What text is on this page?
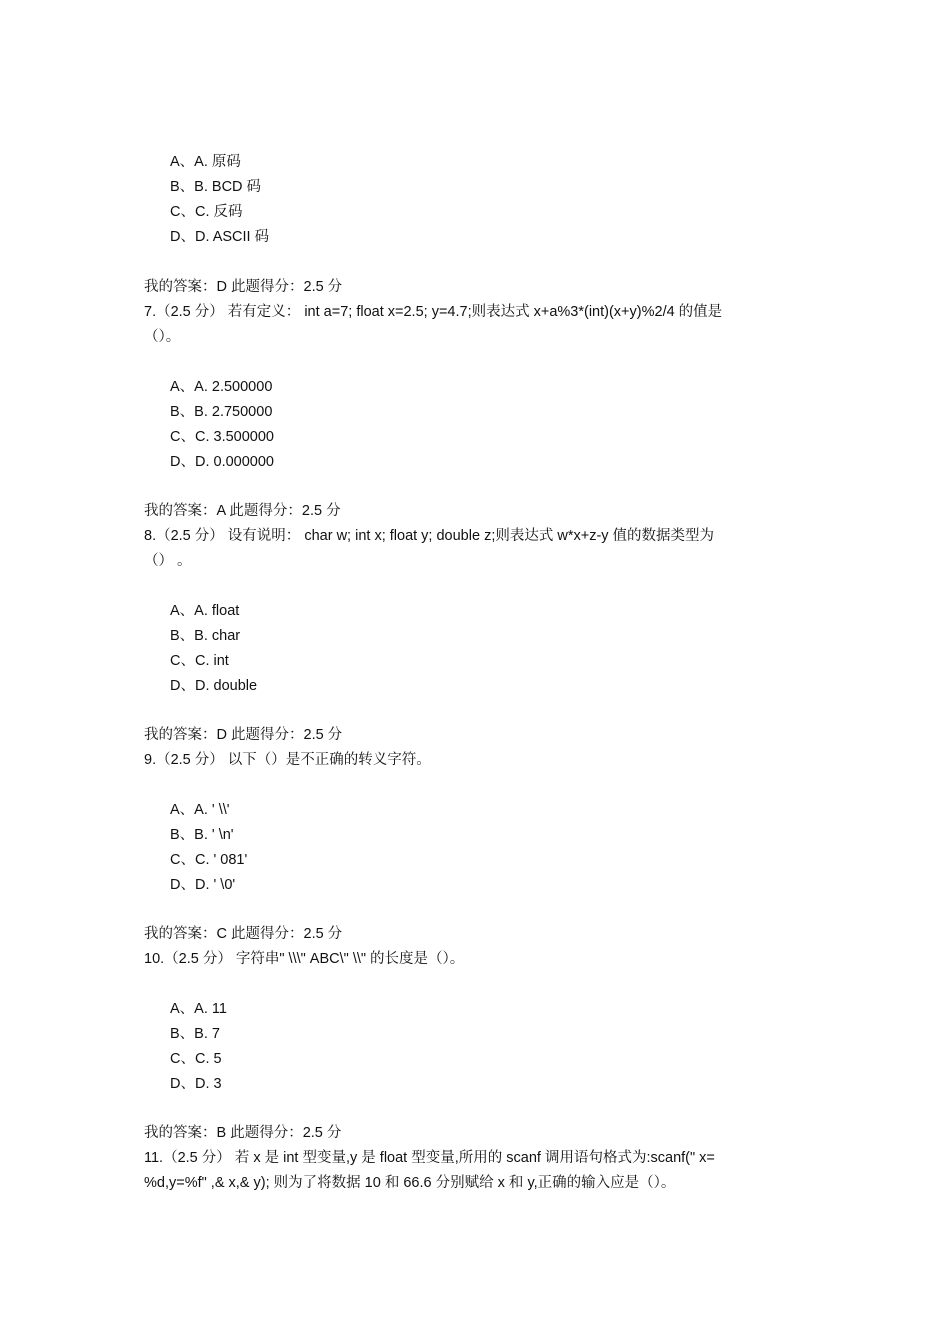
A、A. 原码
B、B. BCD 码
C、C. 反码
D、D. ASCII 码
我的答案：D 此题得分：2.5 分
7.（2.5 分） 若有定义： int a=7; float x=2.5; y=4.7;则表达式 x+a%3*(int)(x+y)%2/4 的值是
（）。
A、A. 2.500000
B、B. 2.750000
C、C. 3.500000
D、D. 0.000000
我的答案：A 此题得分：2.5 分
8.（2.5 分） 设有说明： char w; int x; float y; double z;则表达式 w*x+z-y 值的数据类型为
（） 。
A、A. float
B、B. char
C、C. int
D、D. double
我的答案：D 此题得分：2.5 分
9.（2.5 分） 以下（）是不正确的转义字符。
A、A. ' \\'
B、B. ' \n'
C、C. ' 081'
D、D. ' \0'
我的答案：C 此题得分：2.5 分
10.（2.5 分） 字符串" \\\" ABC\" \\" 的长度是（）。
A、A. 11
B、B. 7
C、C. 5
D、D. 3
我的答案：B 此题得分：2.5 分
11.（2.5 分） 若 x 是 int 型变量,y 是 float 型变量,所用的 scanf 调用语句格式为:scanf(" x=
%d,y=%f" ,& x,& y); 则为了将数据 10 和 66.6 分别赋给 x 和 y,正确的输入应是（）。
